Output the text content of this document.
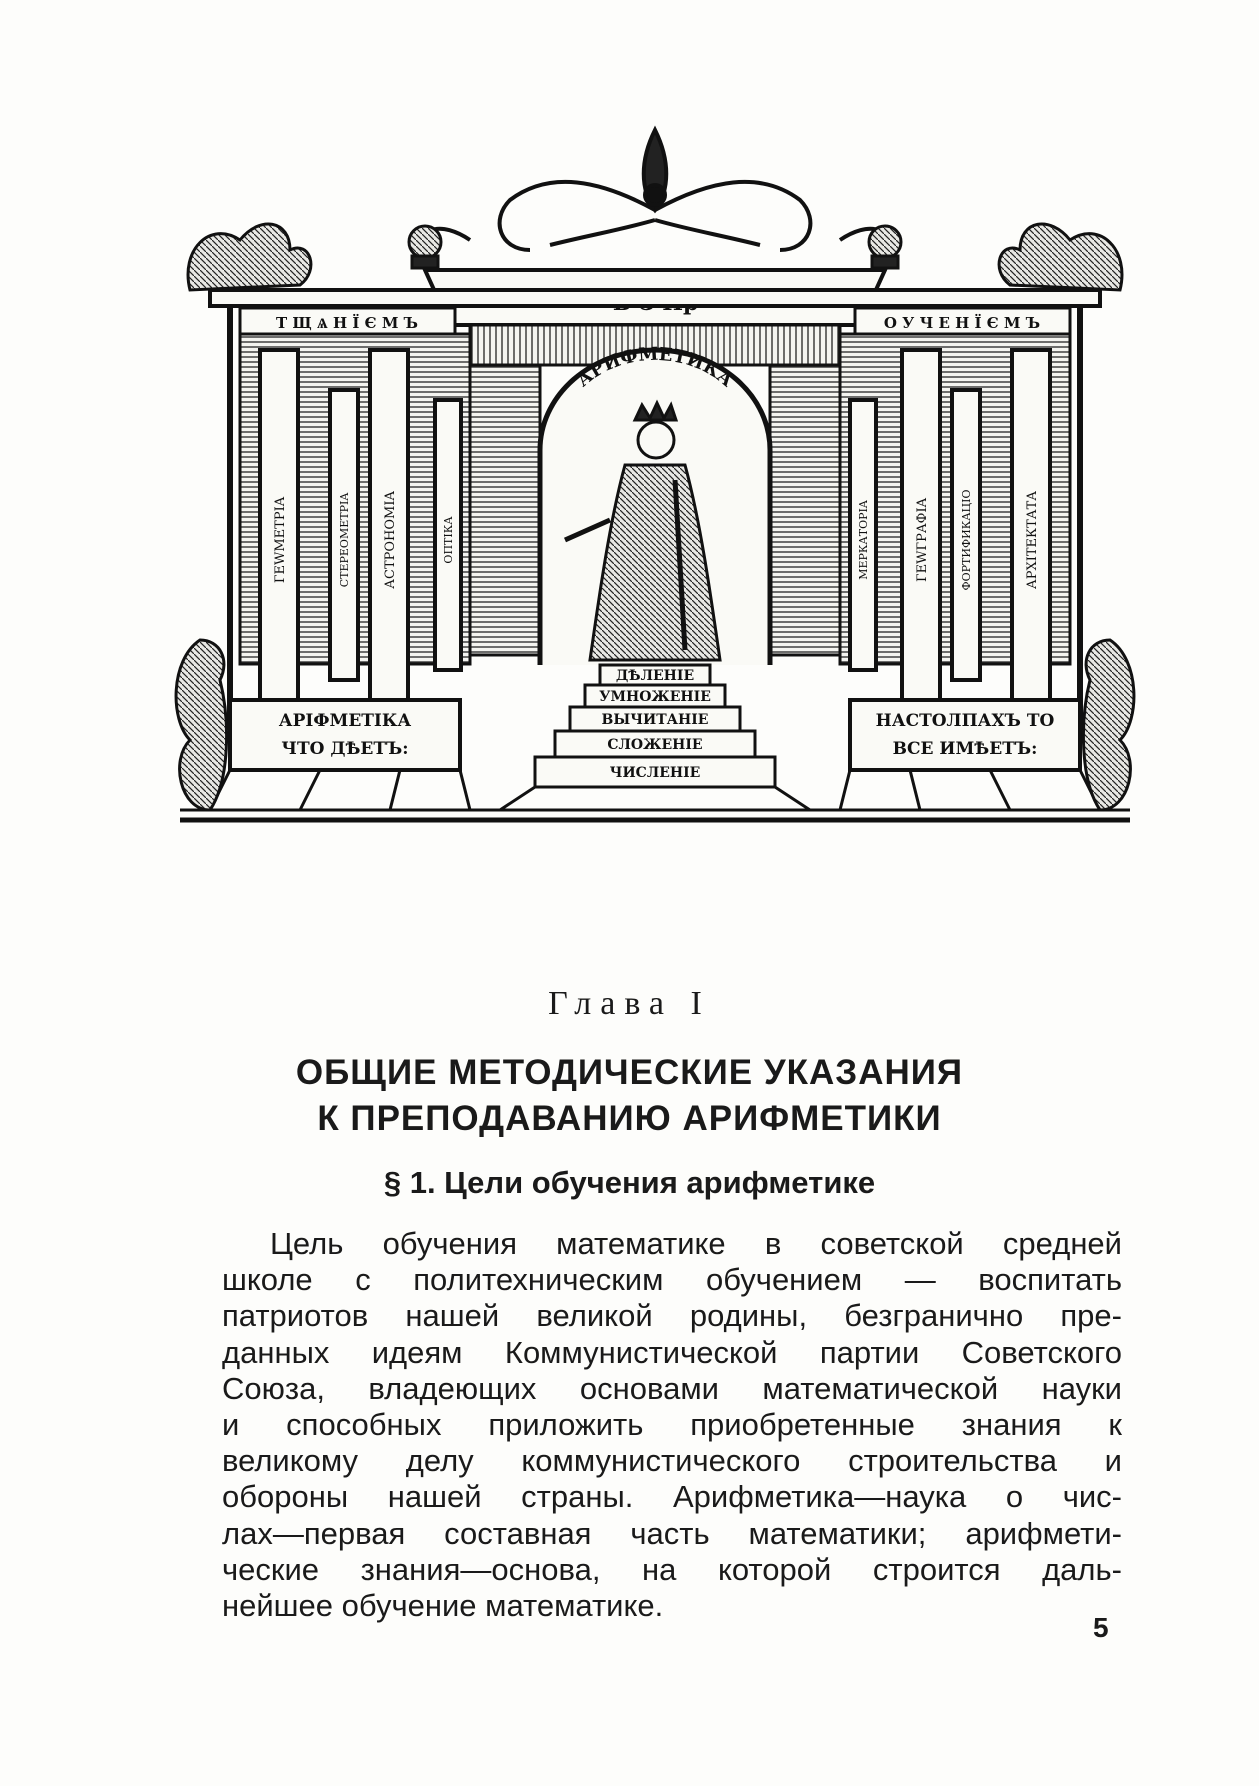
Т Щ Ѧ Н Ї Є М Ъ	О У Ч Е Н Ї Є М Ъ
АРИФМЕТИКА
ГЕWМЕТРIA	СТЕРЕОМЕТРIA АСТРОНОМIA	ОПТIКА	МЕРКАТОРIA	ГЕWГРАФIA	ФОРТИФИКАЦIO	АРХIТЕКТАТА
АРIФМЕТIКА
ЧТО ДѢЕТЪ:
НАСТОЛПАХЪ ТО
ВСЕ ИМѢЕТЪ:
ДѢЛЕНIЕ
УМНОЖЕНIЕ
ВЫЧИТАНIЕ
СЛОЖЕНIЕ
ЧИСЛЕНIЕ
Глава I
ОБЩИЕ МЕТОДИЧЕСКИЕ УКАЗАНИЯ
К ПРЕПОДАВАНИЮ АРИФМЕТИКИ
§ 1. Цели обучения арифметике
Цель обучения математике в советской средней
школе с политехническим обучением — воспитать
патриотов нашей великой родины, безгранично пре-
данных идеям Коммунистической партии Советского
Союза, владеющих основами математической науки
и способных приложить приобретенные знания к
великому делу коммунистического строительства и
обороны нашей страны. Арифметика—наука о чис-
лах—первая составная часть математики; арифмети-
ческие знания—основа, на которой строится даль-
нейшее обучение математике.
5
